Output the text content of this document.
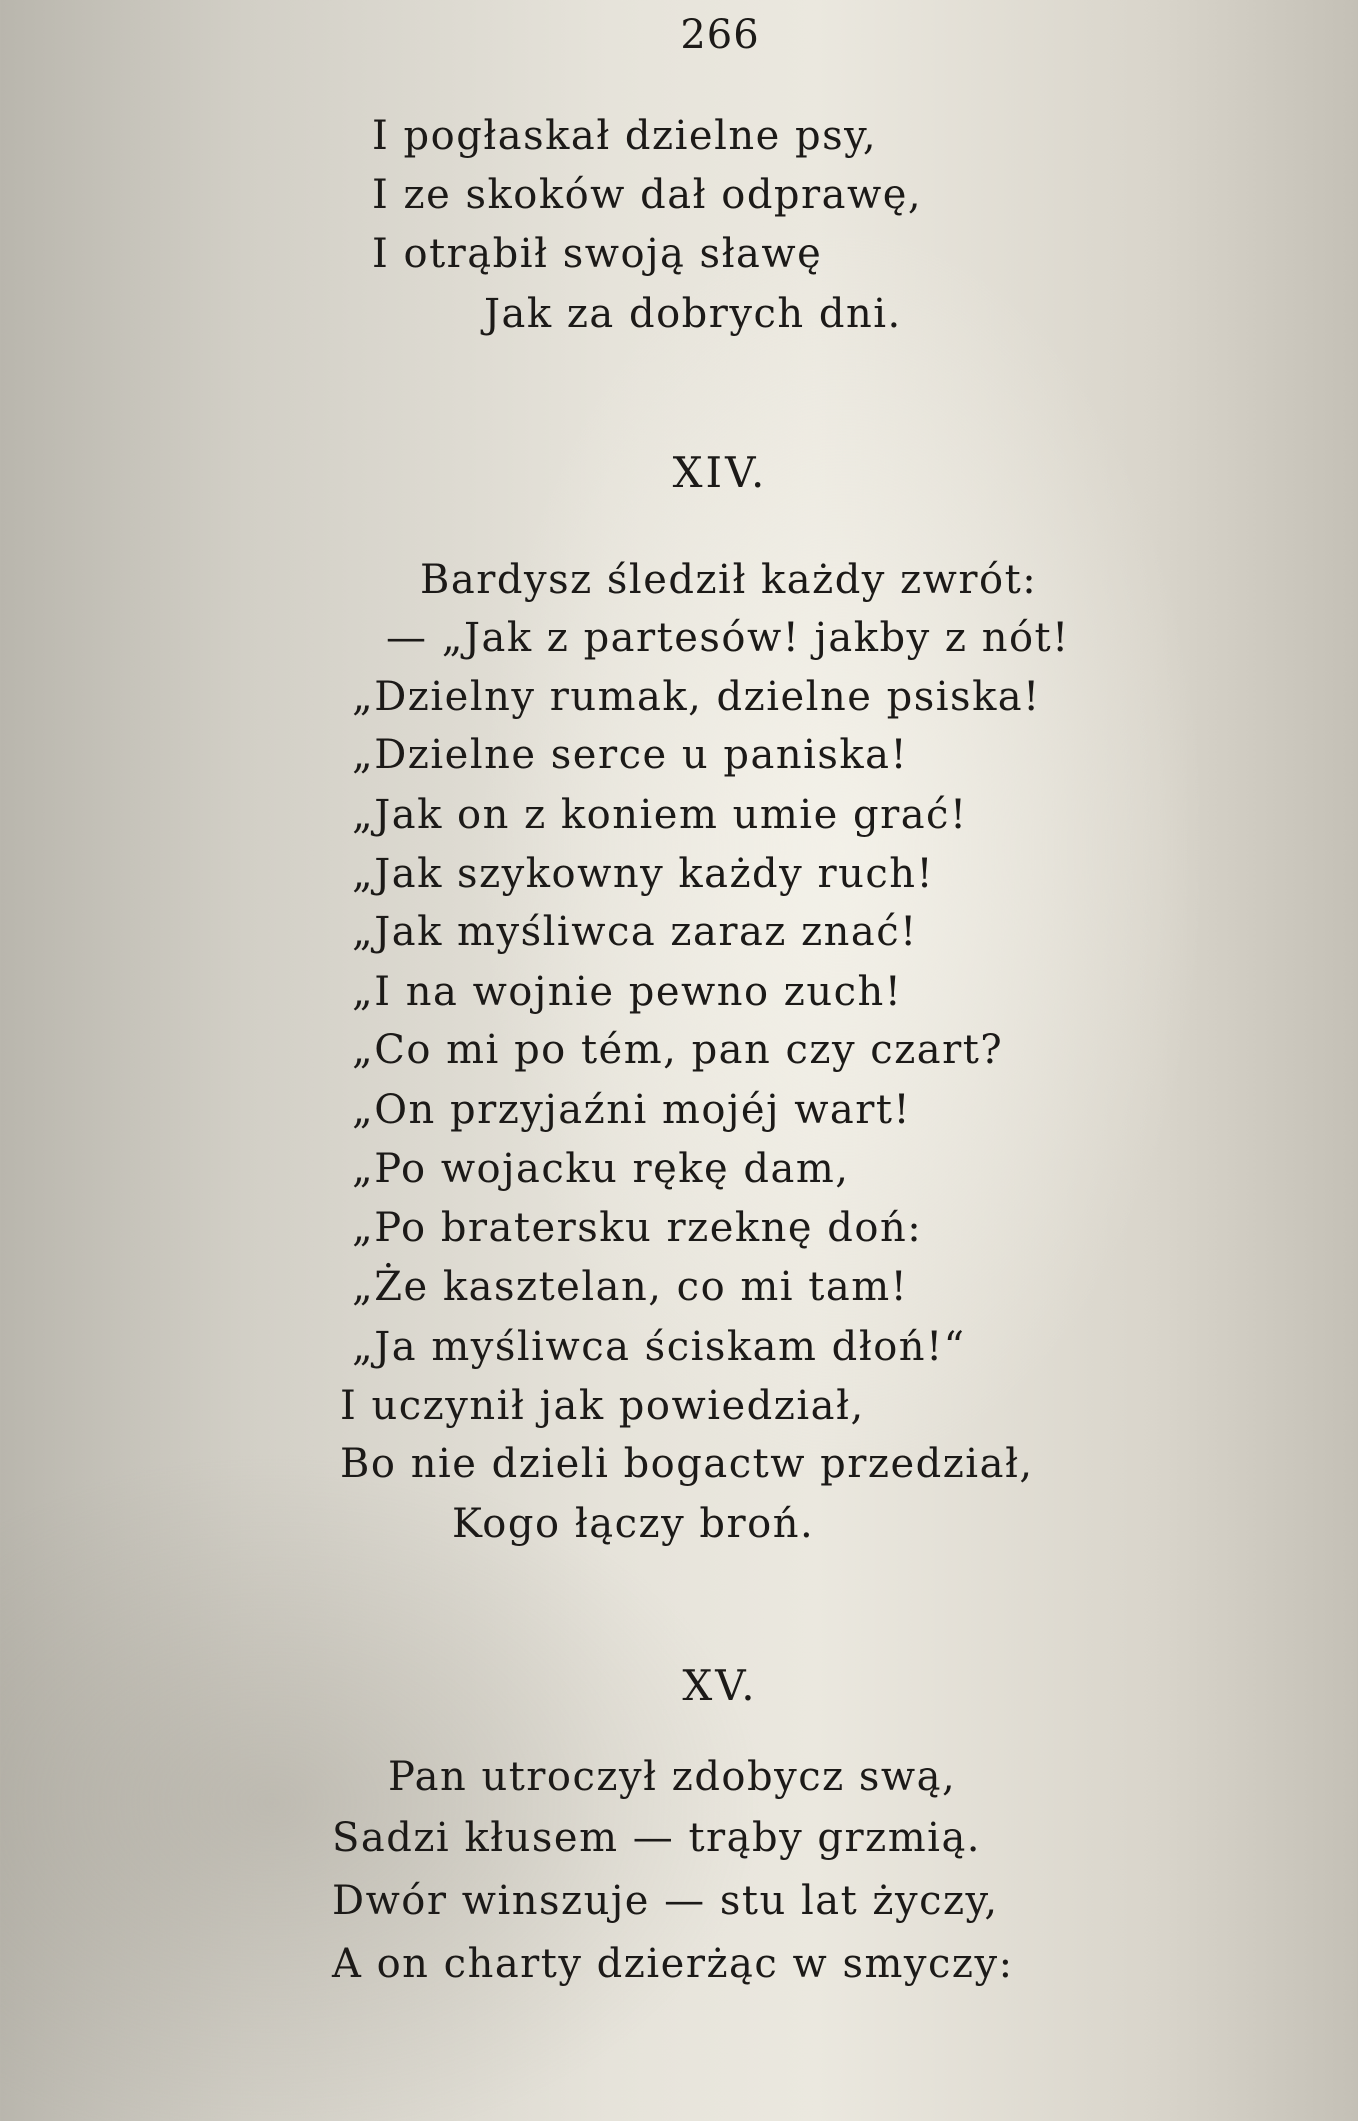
266
I pogłaskał dzielne psy,
I ze skoków dał odprawę,
I otrąbił swoją sławę
Jak za dobrych dni.
XIV.
Bardysz śledził każdy zwrót:
— „Jak z partesów! jakby z nót!
„Dzielny rumak, dzielne psiska!
„Dzielne serce u paniska!
„Jak on z koniem umie grać!
„Jak szykowny każdy ruch!
„Jak myśliwca zaraz znać!
„I na wojnie pewno zuch!
„Co mi po tém, pan czy czart?
„On przyjaźni mojéj wart!
„Po wojacku rękę dam,
„Po bratersku rzeknę doń:
„Że kasztelan, co mi tam!
„Ja myśliwca ściskam dłoń!“
I uczynił jak powiedział,
Bo nie dzieli bogactw przedział,
Kogo łączy broń.
XV.
Pan utroczył zdobycz swą,
Sadzi kłusem — trąby grzmią.
Dwór winszuje — stu lat życzy,
A on charty dzierżąc w smyczy:
